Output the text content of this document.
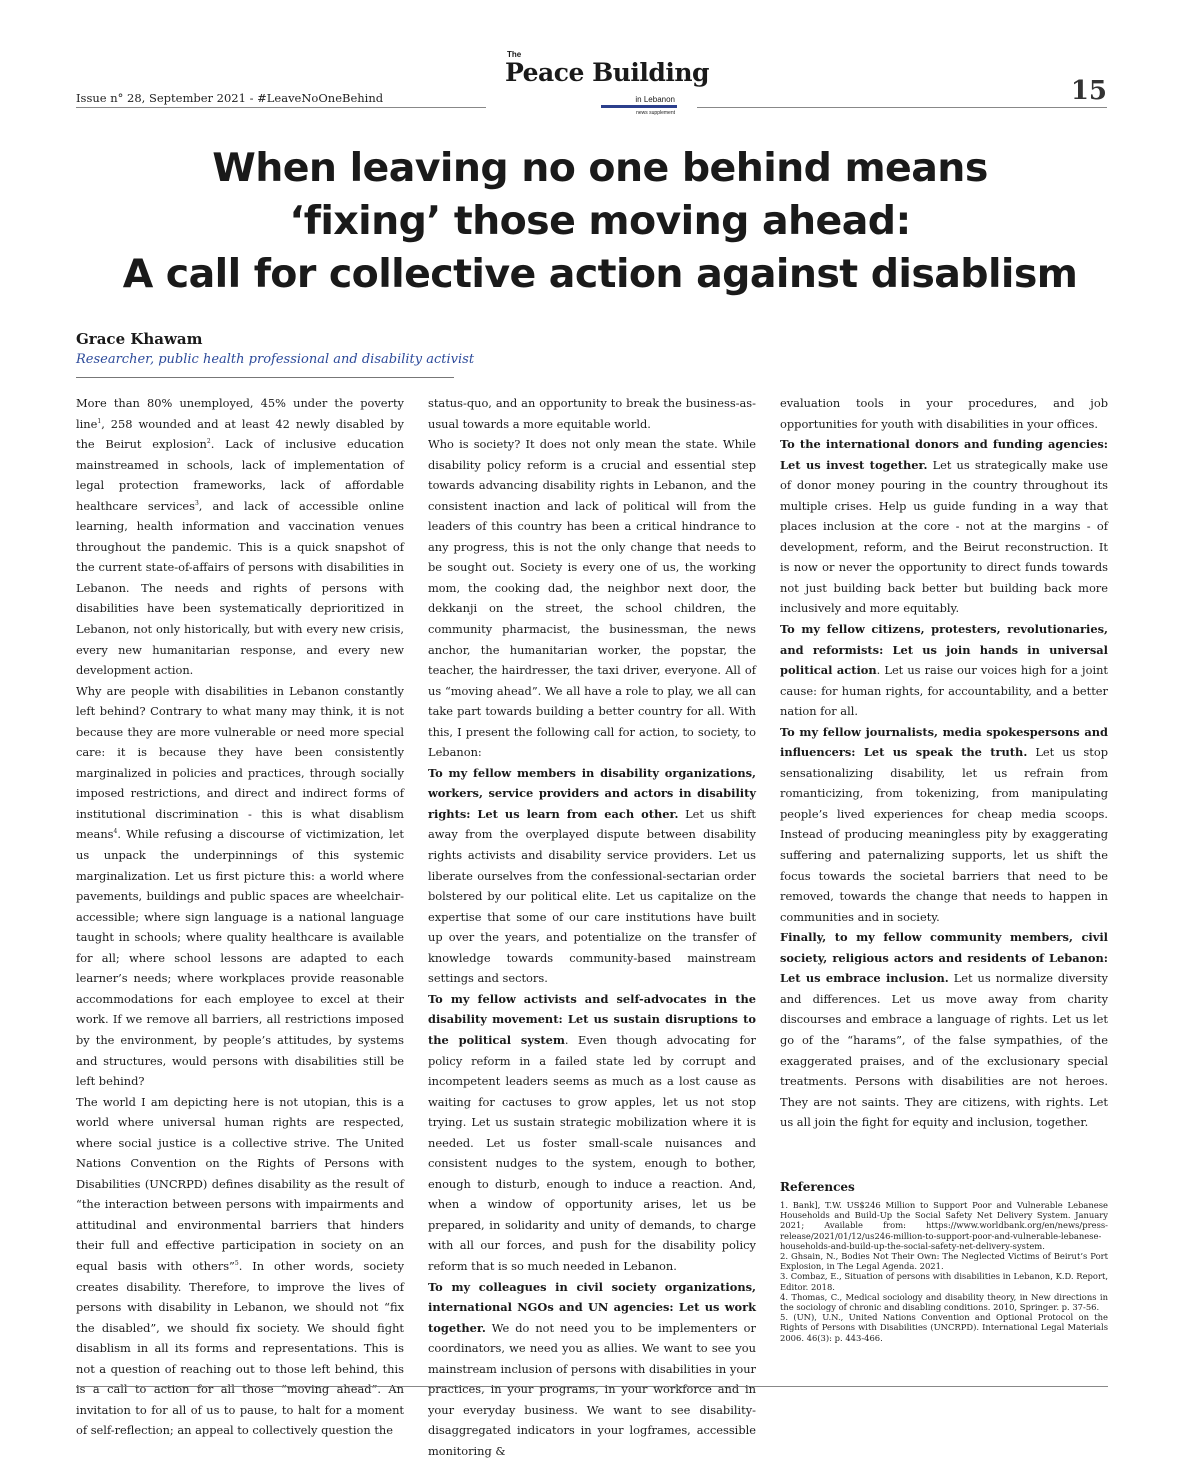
Issue n° 28, September 2021 - #LeaveNoOneBehind
The
Peace Building
in Lebanon
news supplement
15
When leaving no one behind means
‘fixing’ those moving ahead:
A call for collective action against disablism
Grace Khawam
Researcher, public health professional and disability activist

More than 80% unemployed, 45% under the poverty line$^1$, 258 wounded and at least 42 newly disabled by the Beirut explosion$^2$. Lack of inclusive education mainstreamed in schools, lack of implementation of legal protection frameworks, lack of affordable healthcare services$^3$, and lack of accessible online learning, health information and vaccination venues throughout the pandemic. This is a quick snapshot of the current state-of-affairs of persons with disabilities in Lebanon. The needs and rights of persons with disabilities have been systematically deprioritized in Lebanon, not only historically, but with every new crisis, every new humanitarian response, and every new development action.

Why are people with disabilities in Lebanon constantly left behind? Contrary to what many may think, it is not because they are more vulnerable or need more special care: it is because they have been consistently marginalized in policies and practices, through socially imposed restrictions, and direct and indirect forms of institutional discrimination - this is what disablism means$^4$. While refusing a discourse of victimization, let us unpack the underpinnings of this systemic marginalization. Let us first picture this: a world where pavements, buildings and public spaces are wheelchair-accessible; where sign language is a national language taught in schools; where quality healthcare is available for all; where school lessons are adapted to each learner’s needs; where workplaces provide reasonable accommodations for each employee to excel at their work. If we remove all barriers, all restrictions imposed by the environment, by people’s attitudes, by systems and structures, would persons with disabilities still be left behind?

The world I am depicting here is not utopian, this is a world where universal human rights are respected, where social justice is a collective strive. The United Nations Convention on the Rights of Persons with Disabilities (UNCRPD) defines disability as the result of “the interaction between persons with impairments and attitudinal and environmental barriers that hinders their full and effective participation in society on an equal basis with others”$^5$. In other words, society creates disability. Therefore, to improve the lives of persons with disability in Lebanon, we should not “fix the disabled”, we should fix society. We should fight disablism in all its forms and representations. This is not a question of reaching out to those left behind, this is a call to action for all those “moving ahead”. An invitation to for all of us to pause, to halt for a moment of self-reflection; an appeal to collectively question the

status-quo, and an opportunity to break the business-as-usual towards a more equitable world.

Who is society? It does not only mean the state. While disability policy reform is a crucial and essential step towards advancing disability rights in Lebanon, and the consistent inaction and lack of political will from the leaders of this country has been a critical hindrance to any progress, this is not the only change that needs to be sought out. Society is every one of us, the working mom, the cooking dad, the neighbor next door, the dekkanji on the street, the school children, the community pharmacist, the businessman, the news anchor, the humanitarian worker, the popstar, the teacher, the hairdresser, the taxi driver, everyone. All of us “moving ahead”. We all have a role to play, we all can take part towards building a better country for all. With this, I present the following call for action, to society, to Lebanon:

To my fellow members in disability organizations, workers, service providers and actors in disability rights: Let us learn from each other. Let us shift away from the overplayed dispute between disability rights activists and disability service providers. Let us liberate ourselves from the confessional-sectarian order bolstered by our political elite. Let us capitalize on the expertise that some of our care institutions have built up over the years, and potentialize on the transfer of knowledge towards community-based mainstream settings and sectors.

To my fellow activists and self-advocates in the disability movement: Let us sustain disruptions to the political system. Even though advocating for policy reform in a failed state led by corrupt and incompetent leaders seems as much as a lost cause as waiting for cactuses to grow apples, let us not stop trying. Let us sustain strategic mobilization where it is needed. Let us foster small-scale nuisances and consistent nudges to the system, enough to bother, enough to disturb, enough to induce a reaction. And, when a window of opportunity arises, let us be prepared, in solidarity and unity of demands, to charge with all our forces, and push for the disability policy reform that is so much needed in Lebanon.

To my colleagues in civil society organizations, international NGOs and UN agencies: Let us work together. We do not need you to be implementers or coordinators, we need you as allies. We want to see you mainstream inclusion of persons with disabilities in your practices, in your programs, in your workforce and in your everyday business. We want to see disability-disaggregated indicators in your logframes, accessible monitoring &

evaluation tools in your procedures, and job opportunities for youth with disabilities in your offices.

To the international donors and funding agencies: Let us invest together. Let us strategically make use of donor money pouring in the country throughout its multiple crises. Help us guide funding in a way that places inclusion at the core - not at the margins - of development, reform, and the Beirut reconstruction. It is now or never the opportunity to direct funds towards not just building back better but building back more inclusively and more equitably.

To my fellow citizens, protesters, revolutionaries, and reformists: Let us join hands in universal political action. Let us raise our voices high for a joint cause: for human rights, for accountability, and a better nation for all.

To my fellow journalists, media spokespersons and influencers: Let us speak the truth. Let us stop sensationalizing disability, let us refrain from romanticizing, from tokenizing, from manipulating people’s lived experiences for cheap media scoops. Instead of producing meaningless pity by exaggerating suffering and paternalizing supports, let us shift the focus towards the societal barriers that need to be removed, towards the change that needs to happen in communities and in society.

Finally, to my fellow community members, civil society, religious actors and residents of Lebanon: Let us embrace inclusion. Let us normalize diversity and differences. Let us move away from charity discourses and embrace a language of rights. Let us let go of the “harams”, of the false sympathies, of the exaggerated praises, and of the exclusionary special treatments. Persons with disabilities are not heroes. They are not saints. They are citizens, with rights. Let us all join the fight for equity and inclusion, together.

References

1. Bank], T.W. US$246 Million to Support Poor and Vulnerable Lebanese Households and Build-Up the Social Safety Net Delivery System. January 2021; Available from: https://www.worldbank.org/en/news/press-release/2021/01/12/us246-million-to-support-poor-and-vulnerable-lebanese-households-and-build-up-the-social-safety-net-delivery-system.

2. Ghsain, N., Bodies Not Their Own: The Neglected Victims of Beirut’s Port Explosion, in The Legal Agenda. 2021.

3. Combaz, E., Situation of persons with disabilities in Lebanon, K.D. Report, Editor. 2018.

4. Thomas, C., Medical sociology and disability theory, in New directions in the sociology of chronic and disabling conditions. 2010, Springer. p. 37-56.

5. (UN), U.N., United Nations Convention and Optional Protocol on the Rights of Persons with Disabilities (UNCRPD). International Legal Materials 2006. 46(3): p. 443-466.
